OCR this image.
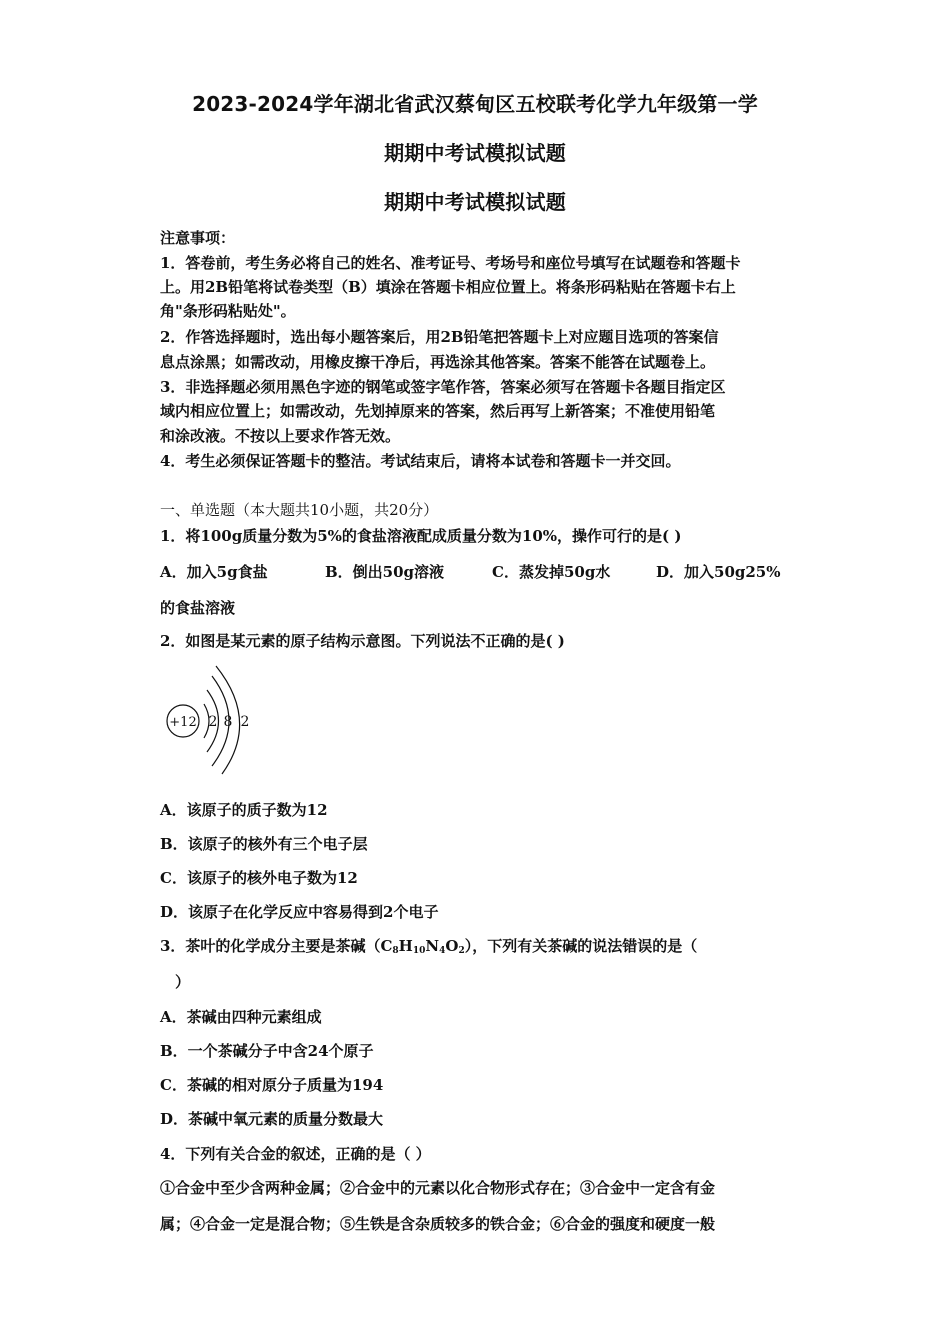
2023-2024学年湖北省武汉蔡甸区五校联考化学九年级第一学
期期中考试模拟试题
期期中考试模拟试题
注意事项：
1．答卷前，考生务必将自己的姓名、准考证号、考场号和座位号填写在试题卷和答题卡
上。用2B铅笔将试卷类型（B）填涂在答题卡相应位置上。将条形码粘贴在答题卡右上
角"条形码粘贴处"。
2．作答选择题时，选出每小题答案后，用2B铅笔把答题卡上对应题目选项的答案信
息点涂黑；如需改动，用橡皮擦干净后，再选涂其他答案。答案不能答在试题卷上。
3．非选择题必须用黑色字迹的钢笔或签字笔作答，答案必须写在答题卡各题目指定区
域内相应位置上；如需改动，先划掉原来的答案，然后再写上新答案；不准使用铅笔
和涂改液。不按以上要求作答无效。
4．考生必须保证答题卡的整洁。考试结束后，请将本试卷和答题卡一并交回。
一、单选题（本大题共10小题，共20分）
1．将100g质量分数为5%的食盐溶液配成质量分数为10%，操作可行的是( )
A．加入5g食盐	B．倒出50g溶液	C．蒸发掉50g水	D．加入50g25%
的食盐溶液
2．如图是某元素的原子结构示意图。下列说法不正确的是( )
+12 2 8 2
A．该原子的质子数为12
B．该原子的核外有三个电子层
C．该原子的核外电子数为12
D．该原子在化学反应中容易得到2个电子
3．茶叶的化学成分主要是茶碱$(C_8H_{10}N_4O_2)$，下列有关茶碱的说法错误的是（
）
A．茶碱由四种元素组成
B．一个茶碱分子中含24个原子
C．茶碱的相对原分子质量为194
D．茶碱中氧元素的质量分数最大
4．下列有关合金的叙述，正确的是（ ）
①合金中至少含两种金属；②合金中的元素以化合物形式存在；③合金中一定含有金
属；④合金一定是混合物；⑤生铁是含杂质较多的铁合金；⑥合金的强度和硬度一般
